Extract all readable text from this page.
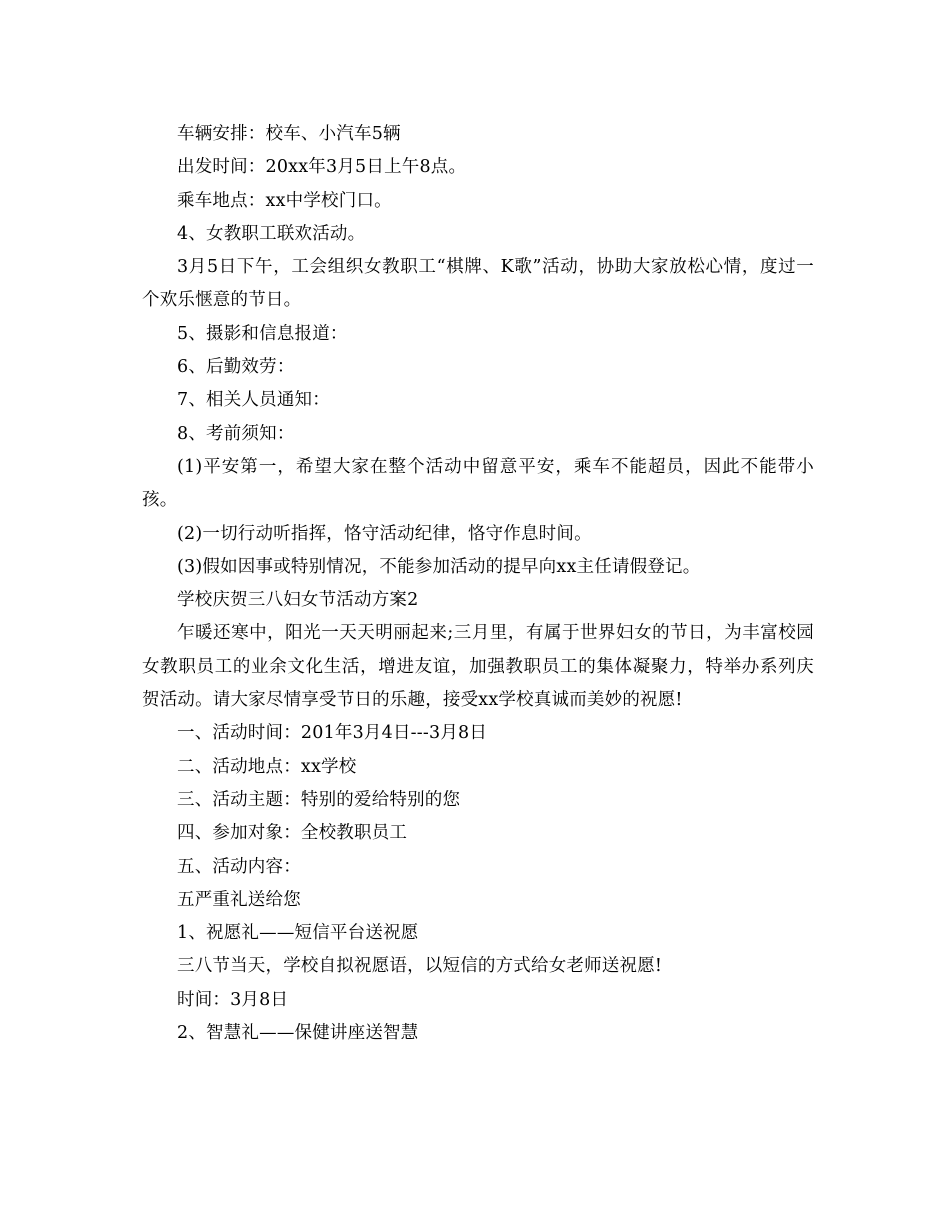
车辆安排：校车、小汽车5辆

出发时间：20xx年3月5日上午8点。

乘车地点：xx中学校门口。

4、女教职工联欢活动。

3月5日下午，工会组织女教职工“棋牌、K歌”活动，协助大家放松心情，度过一个欢乐惬意的节日。

5、摄影和信息报道：

6、后勤效劳：

7、相关人员通知：

8、考前须知：

(1)平安第一，希望大家在整个活动中留意平安，乘车不能超员，因此不能带小孩。

(2)一切行动听指挥，恪守活动纪律，恪守作息时间。

(3)假如因事或特别情况，不能参加活动的提早向xx主任请假登记。

学校庆贺三八妇女节活动方案2

乍暖还寒中，阳光一天天明丽起来;三月里，有属于世界妇女的节日，为丰富校园女教职员工的业余文化生活，增进友谊，加强教职员工的集体凝聚力，特举办系列庆贺活动。请大家尽情享受节日的乐趣，接受xx学校真诚而美妙的祝愿!

一、活动时间：201年3月4日---3月8日

二、活动地点：xx学校

三、活动主题：特别的爱给特别的您

四、参加对象：全校教职员工

五、活动内容：

五严重礼送给您

1、祝愿礼——短信平台送祝愿

三八节当天，学校自拟祝愿语，以短信的方式给女老师送祝愿!

时间：3月8日

2、智慧礼——保健讲座送智慧
